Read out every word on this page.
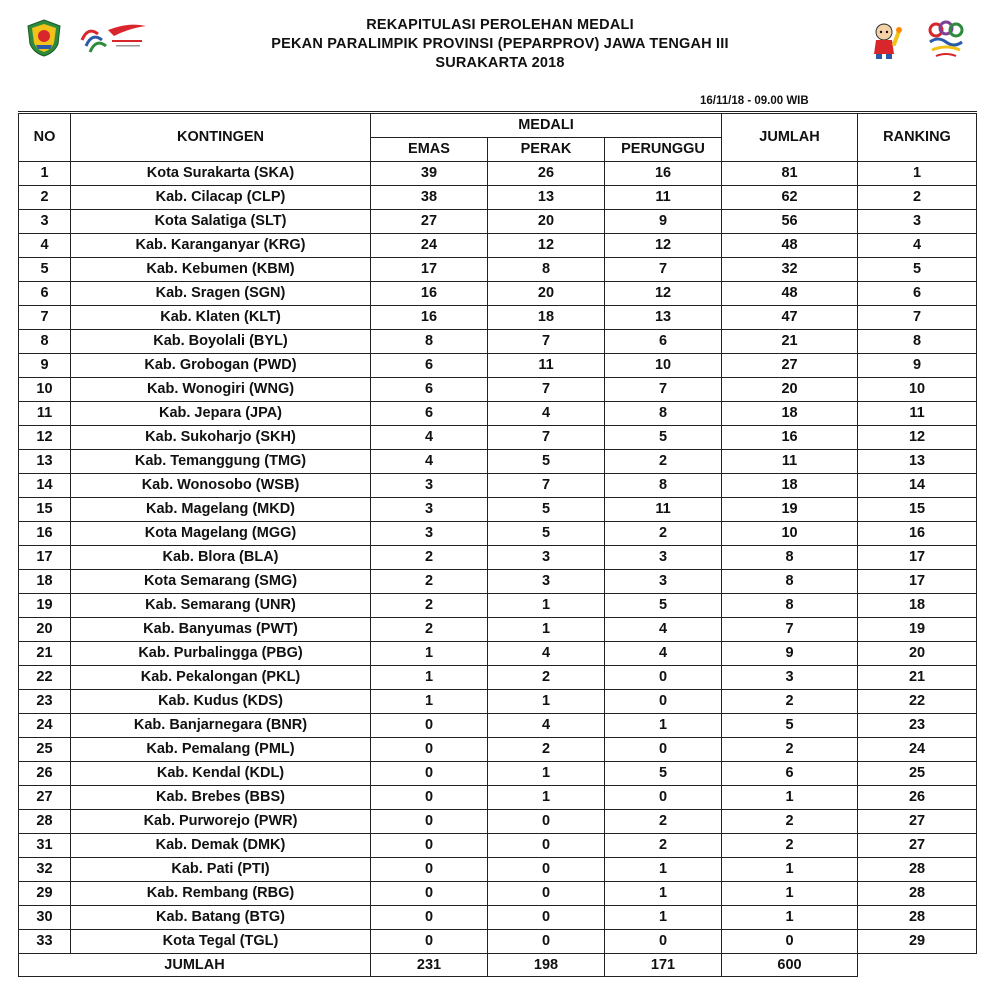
REKAPITULASI PEROLEHAN MEDALI
PEKAN PARALIMPIK PROVINSI (PEPARPROV) JAWA TENGAH III
SURAKARTA 2018
16/11/18 - 09.00 WIB
NO	KONTINGEN	MEDALI			JUMLAH	RANKING
		EMAS	PERAK	PERUNGGU		
1	Kota Surakarta (SKA)	39	26	16	81	1
2	Kab. Cilacap (CLP)	38	13	11	62	2
3	Kota Salatiga (SLT)	27	20	9	56	3
4	Kab. Karanganyar (KRG)	24	12	12	48	4
5	Kab. Kebumen (KBM)	17	8	7	32	5
6	Kab. Sragen (SGN)	16	20	12	48	6
7	Kab. Klaten (KLT)	16	18	13	47	7
8	Kab. Boyolali (BYL)	8	7	6	21	8
9	Kab. Grobogan (PWD)	6	11	10	27	9
10	Kab. Wonogiri (WNG)	6	7	7	20	10
11	Kab. Jepara (JPA)	6	4	8	18	11
12	Kab. Sukoharjo (SKH)	4	7	5	16	12
13	Kab. Temanggung (TMG)	4	5	2	11	13
14	Kab. Wonosobo (WSB)	3	7	8	18	14
15	Kab. Magelang (MKD)	3	5	11	19	15
16	Kota Magelang (MGG)	3	5	2	10	16
17	Kab. Blora (BLA)	2	3	3	8	17
18	Kota Semarang (SMG)	2	3	3	8	17
19	Kab. Semarang (UNR)	2	1	5	8	18
20	Kab. Banyumas (PWT)	2	1	4	7	19
21	Kab. Purbalingga (PBG)	1	4	4	9	20
22	Kab. Pekalongan (PKL)	1	2	0	3	21
23	Kab. Kudus (KDS)	1	1	0	2	22
24	Kab. Banjarnegara (BNR)	0	4	1	5	23
25	Kab. Pemalang (PML)	0	2	0	2	24
26	Kab. Kendal (KDL)	0	1	5	6	25
27	Kab. Brebes (BBS)	0	1	0	1	26
28	Kab. Purworejo (PWR)	0	0	2	2	27
31	Kab. Demak (DMK)	0	0	2	2	27
32	Kab. Pati (PTI)	0	0	1	1	28
29	Kab. Rembang (RBG)	0	0	1	1	28
30	Kab. Batang (BTG)	0	0	1	1	28
33	Kota Tegal (TGL)	0	0	0	0	29
JUMLAH		231	198	171	600	
